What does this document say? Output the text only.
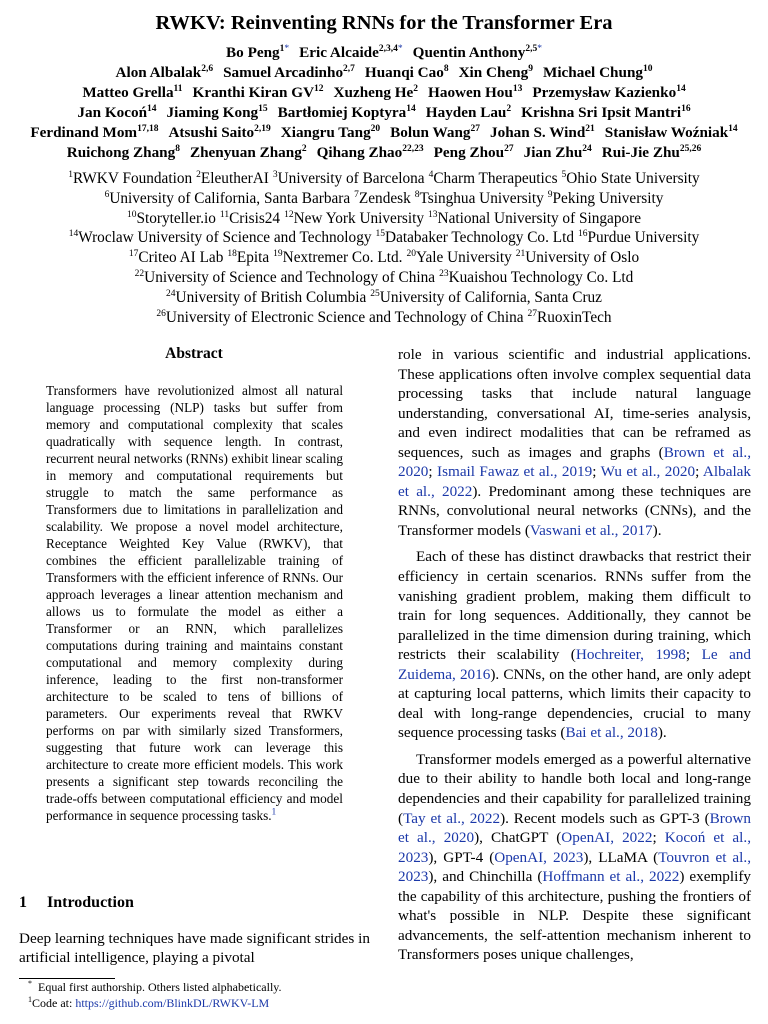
RWKV: Reinventing RNNs for the Transformer Era
Bo Peng$^{1*}$ Eric Alcaide$^{2,3,4*}$ Quentin Anthony$^{2,5*}$
Alon Albalak$^{2,6}$ Samuel Arcadinho$^{2,7}$ Huanqi Cao$^8$ Xin Cheng$^9$ Michael Chung$^{10}$
Matteo Grella$^{11}$ Kranthi Kiran GV$^{12}$ Xuzheng He$^2$ Haowen Hou$^{13}$ Przemysław Kazienko$^{14}$
Jan Kocoń$^{14}$ Jiaming Kong$^{15}$ Bartłomiej Koptyra$^{14}$ Hayden Lau$^2$ Krishna Sri Ipsit Mantri$^{16}$
Ferdinand Mom$^{17,18}$ Atsushi Saito$^{2,19}$ Xiangru Tang$^{20}$ Bolun Wang$^{27}$ Johan S. Wind$^{21}$ Stanisław Woźniak$^{14}$
Ruichong Zhang$^8$ Zhenyuan Zhang$^2$ Qihang Zhao$^{22,23}$ Peng Zhou$^{27}$ Jian Zhu$^{24}$ Rui-Jie Zhu$^{25,26}$
$^1$RWKV Foundation $^2$EleutherAI $^3$University of Barcelona $^4$Charm Therapeutics $^5$Ohio State University
$^6$University of California, Santa Barbara $^7$Zendesk $^8$Tsinghua University $^9$Peking University
$^{10}$Storyteller.io $^{11}$Crisis24 $^{12}$New York University $^{13}$National University of Singapore
$^{14}$Wroclaw University of Science and Technology $^{15}$Databaker Technology Co. Ltd $^{16}$Purdue University
$^{17}$Criteo AI Lab $^{18}$Epita $^{19}$Nextremer Co. Ltd. $^{20}$Yale University $^{21}$University of Oslo
$^{22}$University of Science and Technology of China $^{23}$Kuaishou Technology Co. Ltd
$^{24}$University of British Columbia $^{25}$University of California, Santa Cruz
$^{26}$University of Electronic Science and Technology of China $^{27}$RuoxinTech
Abstract
Transformers have revolutionized almost all natural language processing (NLP) tasks but suffer from memory and computational complexity that scales quadratically with sequence length. In contrast, recurrent neural networks (RNNs) exhibit linear scaling in memory and computational requirements but struggle to match the same performance as Transformers due to limitations in parallelization and scalability. We propose a novel model architecture, Receptance Weighted Key Value (RWKV), that combines the efficient parallelizable training of Transformers with the efficient inference of RNNs. Our approach leverages a linear attention mechanism and allows us to formulate the model as either a Transformer or an RNN, which parallelizes computations during training and maintains constant computational and memory complexity during inference, leading to the first non-transformer architecture to be scaled to tens of billions of parameters. Our experiments reveal that RWKV performs on par with similarly sized Transformers, suggesting that future work can leverage this architecture to create more efficient models. This work presents a significant step towards reconciling the trade-offs between computational efficiency and model performance in sequence processing tasks.$^1$
1 Introduction
Deep learning techniques have made significant strides in artificial intelligence, playing a pivotal
* Equal first authorship. Others listed alphabetically.
$^1$Code at: https://github.com/BlinkDL/RWKV-LM

role in various scientific and industrial applications. These applications often involve complex sequential data processing tasks that include natural language understanding, conversational AI, time-series analysis, and even indirect modalities that can be reframed as sequences, such as images and graphs (Brown et al., 2020; Ismail Fawaz et al., 2019; Wu et al., 2020; Albalak et al., 2022). Predominant among these techniques are RNNs, convolutional neural networks (CNNs), and the Transformer models (Vaswani et al., 2017).

Each of these has distinct drawbacks that restrict their efficiency in certain scenarios. RNNs suffer from the vanishing gradient problem, making them difficult to train for long sequences. Additionally, they cannot be parallelized in the time dimension during training, which restricts their scalability (Hochreiter, 1998; Le and Zuidema, 2016). CNNs, on the other hand, are only adept at capturing local patterns, which limits their capacity to deal with long-range dependencies, crucial to many sequence processing tasks (Bai et al., 2018).

Transformer models emerged as a powerful alternative due to their ability to handle both local and long-range dependencies and their capability for parallelized training (Tay et al., 2022). Recent models such as GPT-3 (Brown et al., 2020), ChatGPT (OpenAI, 2022; Kocoń et al., 2023), GPT-4 (OpenAI, 2023), LLaMA (Touvron et al., 2023), and Chinchilla (Hoffmann et al., 2022) exemplify the capability of this architecture, pushing the frontiers of what's possible in NLP. Despite these significant advancements, the self-attention mechanism inherent to Transformers poses unique challenges,
